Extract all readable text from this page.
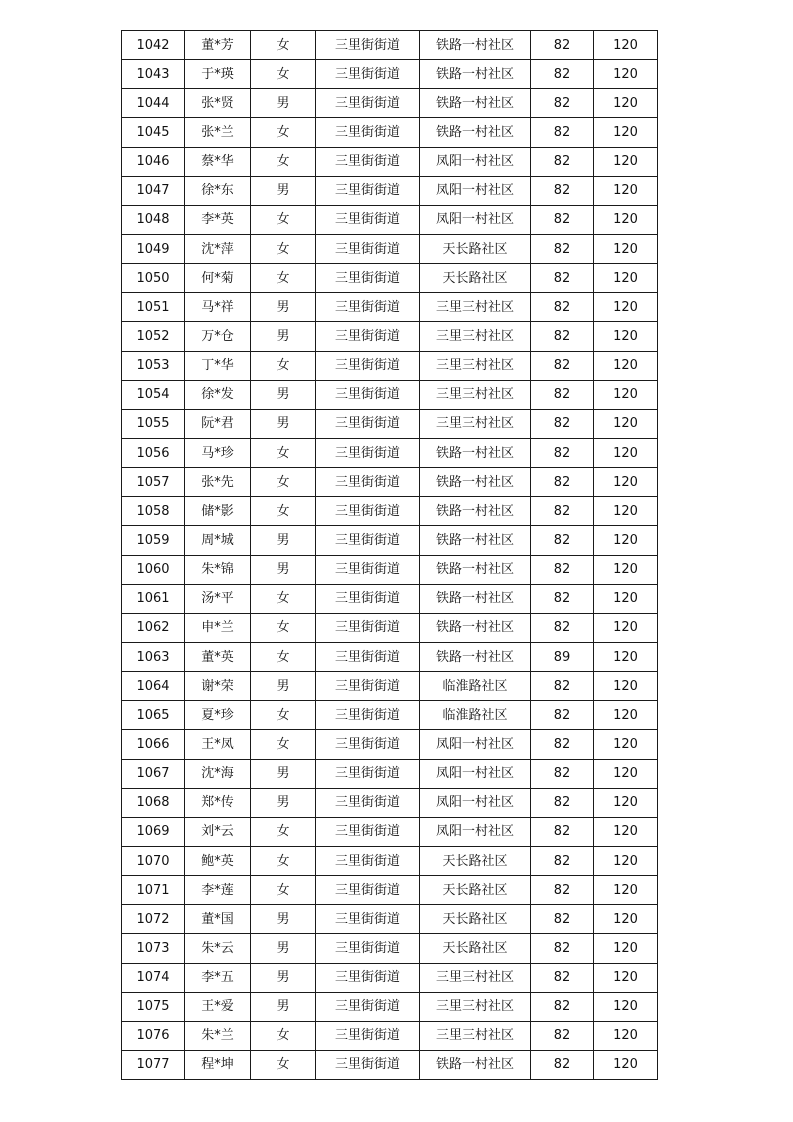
1042	董*芳	女	三里街街道	铁路一村社区	82	120
1043	于*瑛	女	三里街街道	铁路一村社区	82	120
1044	张*贤	男	三里街街道	铁路一村社区	82	120
1045	张*兰	女	三里街街道	铁路一村社区	82	120
1046	蔡*华	女	三里街街道	凤阳一村社区	82	120
1047	徐*东	男	三里街街道	凤阳一村社区	82	120
1048	李*英	女	三里街街道	凤阳一村社区	82	120
1049	沈*萍	女	三里街街道	天长路社区	82	120
1050	何*菊	女	三里街街道	天长路社区	82	120
1051	马*祥	男	三里街街道	三里三村社区	82	120
1052	万*仓	男	三里街街道	三里三村社区	82	120
1053	丁*华	女	三里街街道	三里三村社区	82	120
1054	徐*发	男	三里街街道	三里三村社区	82	120
1055	阮*君	男	三里街街道	三里三村社区	82	120
1056	马*珍	女	三里街街道	铁路一村社区	82	120
1057	张*先	女	三里街街道	铁路一村社区	82	120
1058	储*影	女	三里街街道	铁路一村社区	82	120
1059	周*城	男	三里街街道	铁路一村社区	82	120
1060	朱*锦	男	三里街街道	铁路一村社区	82	120
1061	汤*平	女	三里街街道	铁路一村社区	82	120
1062	申*兰	女	三里街街道	铁路一村社区	82	120
1063	董*英	女	三里街街道	铁路一村社区	89	120
1064	谢*荣	男	三里街街道	临淮路社区	82	120
1065	夏*珍	女	三里街街道	临淮路社区	82	120
1066	王*凤	女	三里街街道	凤阳一村社区	82	120
1067	沈*海	男	三里街街道	凤阳一村社区	82	120
1068	郑*传	男	三里街街道	凤阳一村社区	82	120
1069	刘*云	女	三里街街道	凤阳一村社区	82	120
1070	鲍*英	女	三里街街道	天长路社区	82	120
1071	李*莲	女	三里街街道	天长路社区	82	120
1072	董*国	男	三里街街道	天长路社区	82	120
1073	朱*云	男	三里街街道	天长路社区	82	120
1074	李*五	男	三里街街道	三里三村社区	82	120
1075	王*爱	男	三里街街道	三里三村社区	82	120
1076	朱*兰	女	三里街街道	三里三村社区	82	120
1077	程*坤	女	三里街街道	铁路一村社区	82	120
